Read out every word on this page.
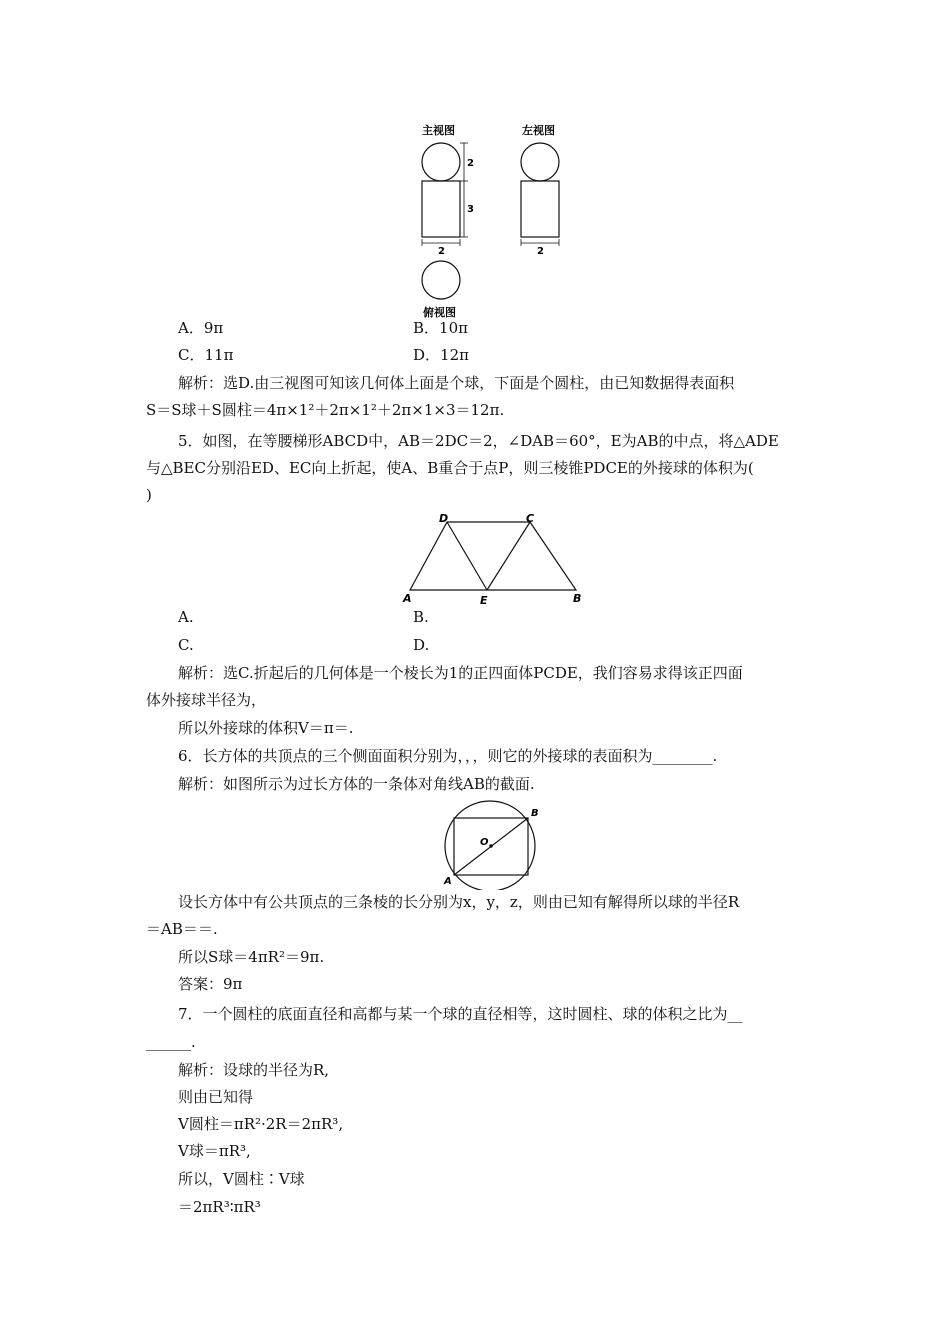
主视图	左视图
2
3
2	2
俯视图
A．9π	B．10π
C．11π	D．12π
解析：选D.由三视图可知该几何体上面是个球，下面是个圆柱，由已知数据得表面积
S＝S球＋S圆柱＝4π×1²＋2π×1²＋2π×1×3＝12π.
5．如图，在等腰梯形ABCD中，AB＝2DC＝2，∠DAB＝60°，E为AB的中点，将△ADE
与△BEC分别沿ED、EC向上折起，使A、B重合于点P，则三棱锥PDCE的外接球的体积为(
)
D	C
A	E	B
A.	B.
C.	D.
解析：选C.折起后的几何体是一个棱长为1的正四面体PCDE，我们容易求得该正四面
体外接球半径为，
所以外接球的体积V＝π＝.
6．长方体的共顶点的三个侧面面积分别为，，，则它的外接球的表面积为________.
解析：如图所示为过长方体的一条体对角线AB的截面.
O
B
A
设长方体中有公共顶点的三条棱的长分别为x，y，z，则由已知有解得所以球的半径R
＝AB＝＝.
所以S球＝4πR²＝9π.
答案：9π
7．一个圆柱的底面直径和高都与某一个球的直径相等，这时圆柱、球的体积之比为__
______.
解析：设球的半径为R,
则由已知得
V圆柱＝πR²·2R＝2πR³,
V球＝πR³,
所以，V圆柱∶V球
＝2πR³∶πR³
